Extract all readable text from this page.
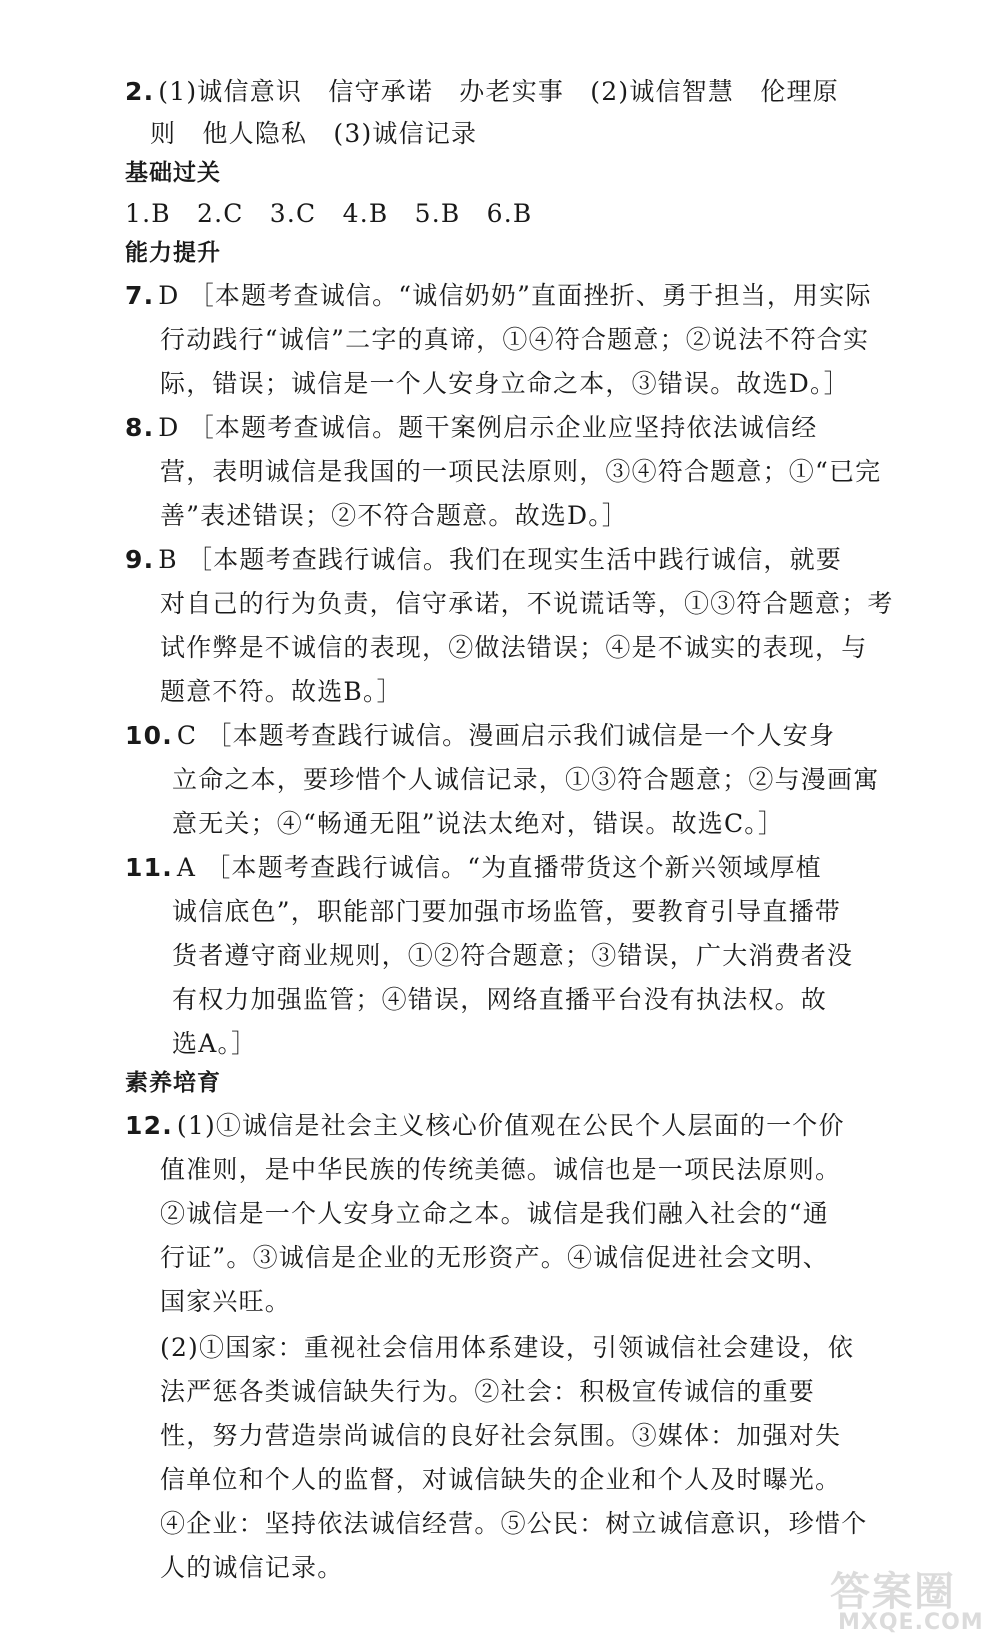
2. (1)诚信意识　信守承诺　办老实事　(2)诚信智慧　伦理原
则　他人隐私　(3)诚信记录
基础过关
1.B　2.C　3.C　4.B　5.B　6.B
能力提升
7. D ［本题考查诚信。“诚信奶奶”直面挫折、勇于担当，用实际
行动践行“诚信”二字的真谛，①④符合题意；②说法不符合实
际，错误；诚信是一个人安身立命之本，③错误。故选D。］
8. D ［本题考查诚信。题干案例启示企业应坚持依法诚信经
营，表明诚信是我国的一项民法原则，③④符合题意；①“已完
善”表述错误；②不符合题意。故选D。］
9. B ［本题考查践行诚信。我们在现实生活中践行诚信，就要
对自己的行为负责，信守承诺，不说谎话等，①③符合题意；考
试作弊是不诚信的表现，②做法错误；④是不诚实的表现，与
题意不符。故选B。］
10. C ［本题考查践行诚信。漫画启示我们诚信是一个人安身
立命之本，要珍惜个人诚信记录，①③符合题意；②与漫画寓
意无关；④“畅通无阻”说法太绝对，错误。故选C。］
11. A ［本题考查践行诚信。“为直播带货这个新兴领域厚植
诚信底色”，职能部门要加强市场监管，要教育引导直播带
货者遵守商业规则，①②符合题意；③错误，广大消费者没
有权力加强监管；④错误，网络直播平台没有执法权。故
选A。］
素养培育
12. (1)①诚信是社会主义核心价值观在公民个人层面的一个价
值准则，是中华民族的传统美德。诚信也是一项民法原则。
②诚信是一个人安身立命之本。诚信是我们融入社会的“通
行证”。③诚信是企业的无形资产。④诚信促进社会文明、
国家兴旺。
(2)①国家：重视社会信用体系建设，引领诚信社会建设，依
法严惩各类诚信缺失行为。②社会：积极宣传诚信的重要
性，努力营造崇尚诚信的良好社会氛围。③媒体：加强对失
信单位和个人的监督，对诚信缺失的企业和个人及时曝光。
④企业：坚持依法诚信经营。⑤公民：树立诚信意识，珍惜个
人的诚信记录。
答案圈
MXQE.COM
